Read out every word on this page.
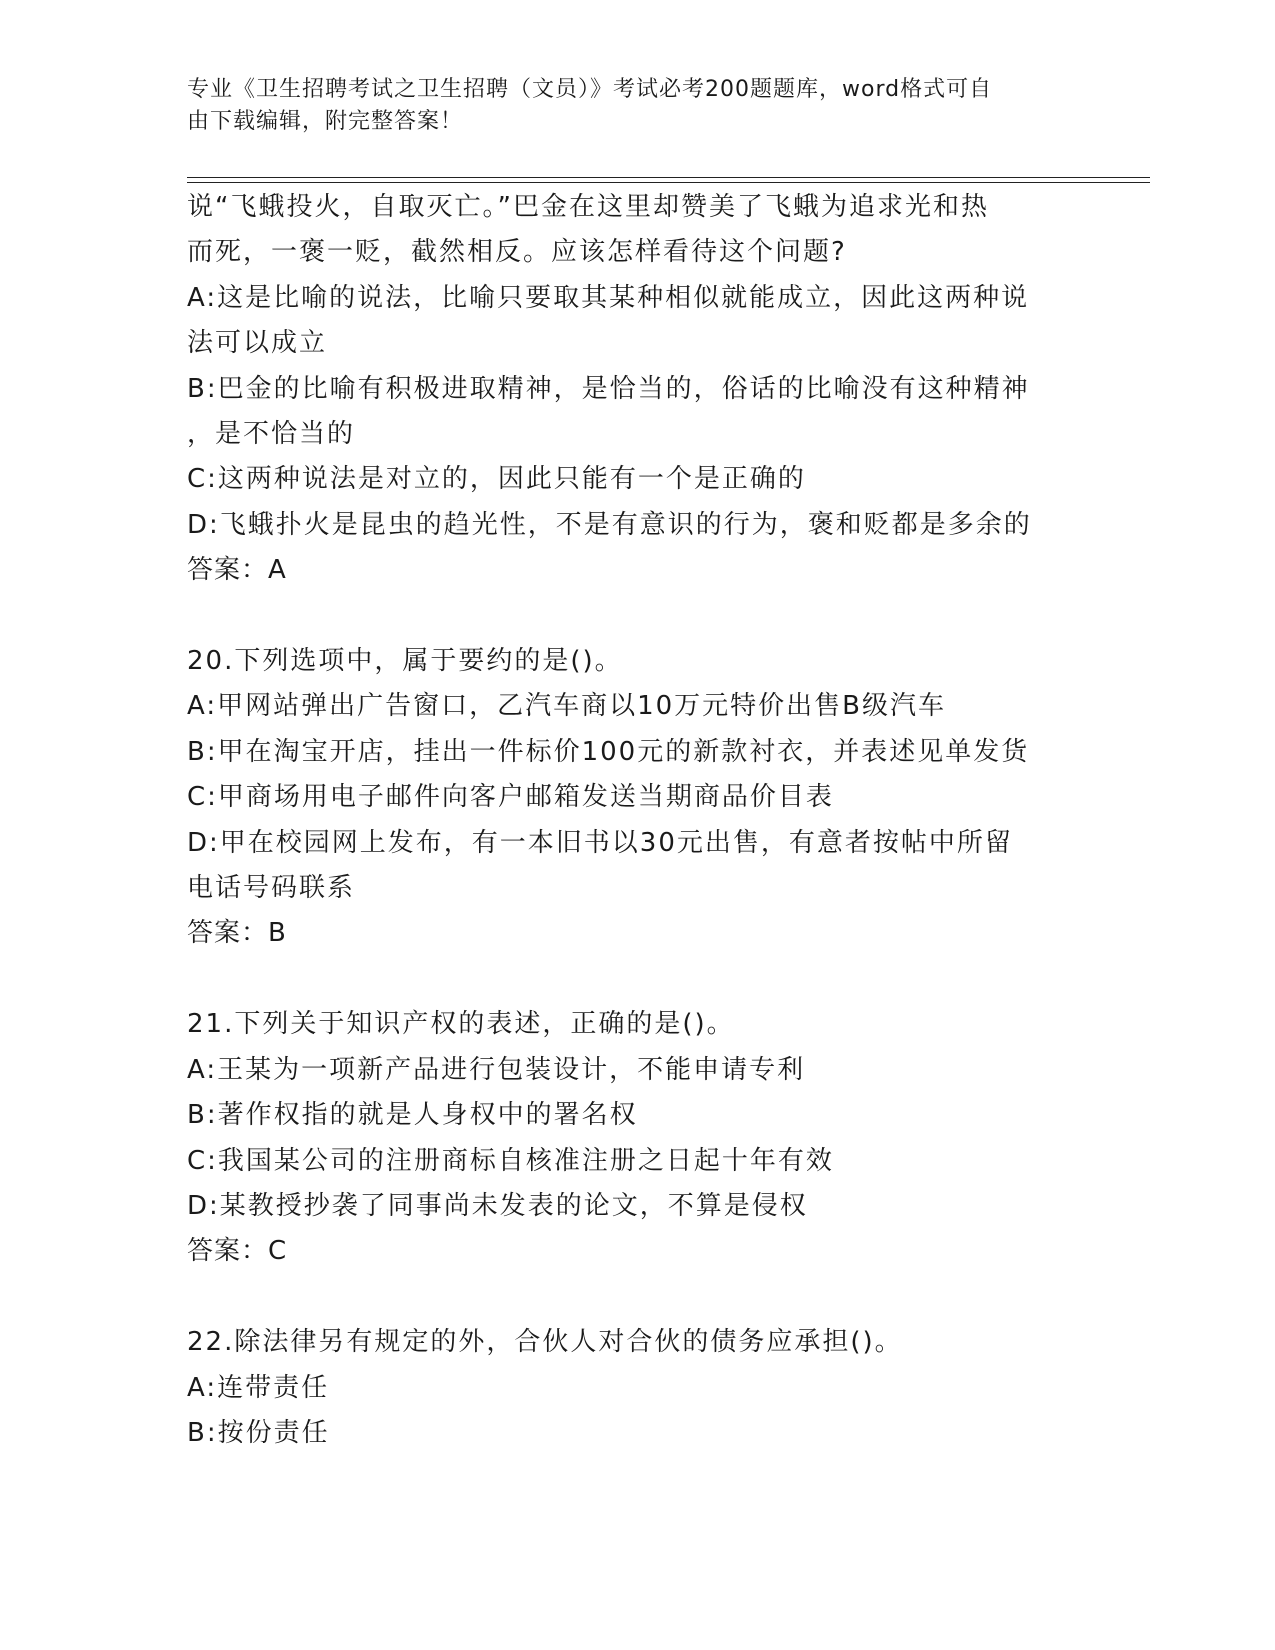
专业《卫生招聘考试之卫生招聘（文员）》考试必考200题题库，word格式可自
由下载编辑，附完整答案！
说“飞蛾投火，自取灭亡。”巴金在这里却赞美了飞蛾为追求光和热
而死，一褒一贬，截然相反。应该怎样看待这个问题?
A:这是比喻的说法，比喻只要取其某种相似就能成立，因此这两种说
法可以成立
B:巴金的比喻有积极进取精神，是恰当的，俗话的比喻没有这种精神
，是不恰当的
C:这两种说法是对立的，因此只能有一个是正确的
D:飞蛾扑火是昆虫的趋光性，不是有意识的行为，褒和贬都是多余的
答案：A
20.下列选项中，属于要约的是()。
A:甲网站弹出广告窗口，乙汽车商以10万元特价出售B级汽车
B:甲在淘宝开店，挂出一件标价100元的新款衬衣，并表述见单发货
C:甲商场用电子邮件向客户邮箱发送当期商品价目表
D:甲在校园网上发布，有一本旧书以30元出售，有意者按帖中所留
电话号码联系
答案：B
21.下列关于知识产权的表述，正确的是()。
A:王某为一项新产品进行包装设计，不能申请专利
B:著作权指的就是人身权中的署名权
C:我国某公司的注册商标自核准注册之日起十年有效
D:某教授抄袭了同事尚未发表的论文，不算是侵权
答案：C
22.除法律另有规定的外，合伙人对合伙的债务应承担()。
A:连带责任
B:按份责任
